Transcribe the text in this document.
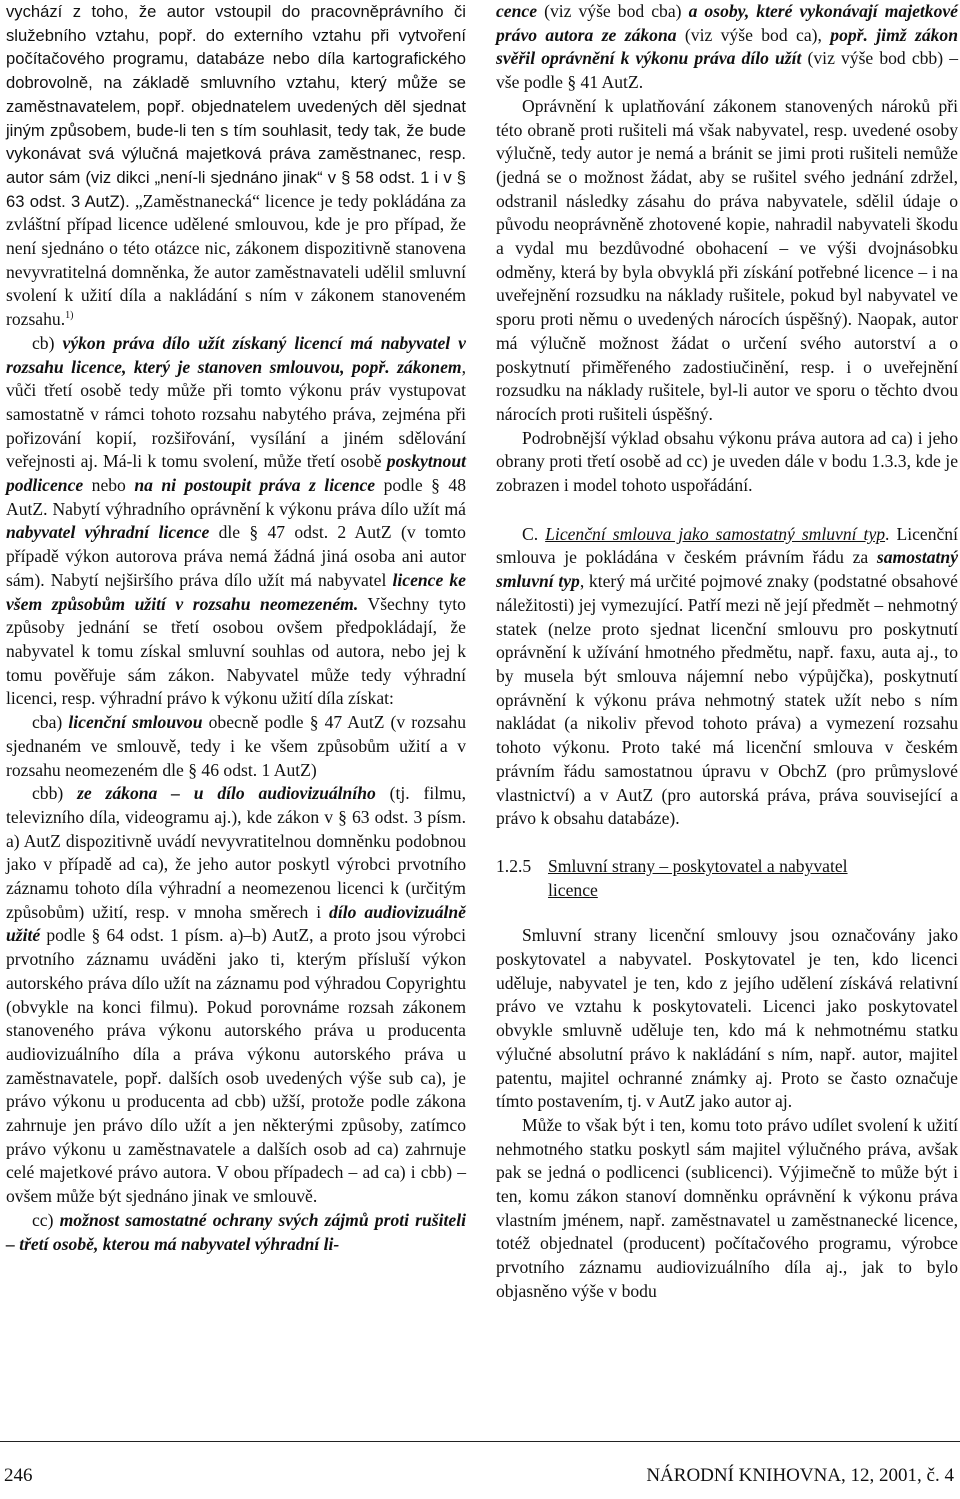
vychází z toho, že autor vstoupil do pracovněprávního či služebního vztahu, popř. do externího vztahu při vytvoření počítačového programu, databáze nebo díla kartografického dobrovolně, na základě smluvního vztahu, který může se zaměstnavatelem, popř. objednatelem uvedených děl sjednat jiným způsobem, bude-li ten s tím souhlasit, tedy tak, že bude vykonávat svá výlučná majetková práva zaměstnanec, resp. autor sám (viz dikci „není-li sjednáno jinak“ v § 58 odst. 1 i v § 63 odst. 3 AutZ). „Zaměstnanecká“ licence je tedy pokládána za zvláštní případ licence udělené smlouvou, kde je pro případ, že není sjednáno o této otázce nic, zákonem dispozitivně stanovena nevyvratitelná domněnka, že autor zaměstnavateli udělil smluvní svolení k užití díla a nakládání s ním v zákonem stanoveném rozsahu.$^{1)}$

cb) výkon práva dílo užít získaný licencí má nabyvatel v rozsahu licence, který je stanoven smlouvou, popř. zákonem, vůči třetí osobě tedy může při tomto výkonu práv vystupovat samostatně v rámci tohoto rozsahu nabytého práva, zejména při pořizování kopií, rozšiřování, vysílání a jiném sdělování veřejnosti aj. Má-li k tomu svolení, může třetí osobě poskytnout podlicence nebo na ni postoupit práva z licence podle § 48 AutZ. Nabytí výhradního oprávnění k výkonu práva dílo užít má nabyvatel výhradní licence dle § 47 odst. 2 AutZ (v tomto případě výkon autorova práva nemá žádná jiná osoba ani autor sám). Nabytí nejširšího práva dílo užít má nabyvatel licence ke všem způsobům užití v rozsahu neomezeném. Všechny tyto způsoby jednání se třetí osobou ovšem předpokládají, že nabyvatel k tomu získal smluvní souhlas od autora, nebo jej k tomu pověřuje sám zákon. Nabyvatel může tedy výhradní licenci, resp. výhradní právo k výkonu užití díla získat:

cba) licenční smlouvou obecně podle § 47 AutZ (v rozsahu sjednaném ve smlouvě, tedy i ke všem způsobům užití a v rozsahu neomezeném dle § 46 odst. 1 AutZ)

cbb) ze zákona – u dílo audiovizuálního (tj. filmu, televizního díla, videogramu aj.), kde zákon v § 63 odst. 3 písm. a) AutZ dispozitivně uvádí nevyvratitelnou domněnku podobnou jako v případě ad ca), že jeho autor poskytl výrobci prvotního záznamu tohoto díla výhradní a neomezenou licenci k (určitým způsobům) užití, resp. v mnoha směrech i dílo audiovizuálně užité podle § 64 odst. 1 písm. a)–b) AutZ, a proto jsou výrobci prvotního záznamu uváděni jako ti, kterým přísluší výkon autorského práva dílo užít na záznamu pod výhradou Copyrightu (obvykle na konci filmu). Pokud porovnáme rozsah zákonem stanoveného práva výkonu autorského práva u producenta audiovizuálního díla a práva výkonu autorského práva u zaměstnavatele, popř. dalších osob uvedených výše sub ca), je právo výkonu u producenta ad cbb) užší, protože podle zákona zahrnuje jen právo dílo užít a jen některými způsoby, zatímco právo výkonu u zaměstnavatele a dalších osob ad ca) zahrnuje celé majetkové právo autora. V obou případech – ad ca) i cbb) – ovšem může být sjednáno jinak ve smlouvě.

cc) možnost samostatné ochrany svých zájmů proti rušiteli – třetí osobě, kterou má nabyvatel výhradní li-

cence (viz výše bod cba) a osoby, které vykonávají majetkové právo autora ze zákona (viz výše bod ca), popř. jimž zákon svěřil oprávnění k výkonu práva dílo užít (viz výše bod cbb) – vše podle § 41 AutZ.

Oprávnění k uplatňování zákonem stanovených nároků při této obraně proti rušiteli má však nabyvatel, resp. uvedené osoby výlučně, tedy autor je nemá a bránit se jimi proti rušiteli nemůže (jedná se o možnost žádat, aby se rušitel svého jednání zdržel, odstranil následky zásahu do práva nabyvatele, sdělil údaje o původu neoprávněně zhotovené kopie, nahradil nabyvateli škodu a vydal mu bezdůvodné obohacení – ve výši dvojnásobku odměny, která by byla obvyklá při získání potřebné licence – i na uveřejnění rozsudku na náklady rušitele, pokud byl nabyvatel ve sporu proti němu o uvedených nárocích úspěšný). Naopak, autor má výlučně možnost žádat o určení svého autorství a o poskytnutí přiměřeného zadostiučinění, resp. i o uveřejnění rozsudku na náklady rušitele, byl-li autor ve sporu o těchto dvou nárocích proti rušiteli úspěšný.

Podrobnější výklad obsahu výkonu práva autora ad ca) i jeho obrany proti třetí osobě ad cc) je uveden dále v bodu 1.3.3, kde je zobrazen i model tohoto uspořádání.

C. Licenční smlouva jako samostatný smluvní typ. Licenční smlouva je pokládána v českém právním řádu za samostatný smluvní typ, který má určité pojmové znaky (podstatné obsahové náležitosti) jej vymezující. Patří mezi ně její předmět – nehmotný statek (nelze proto sjednat licenční smlouvu pro poskytnutí oprávnění k užívání hmotného předmětu, např. faxu, auta aj., to by musela být smlouva nájemní nebo výpůjčka), poskytnutí oprávnění k výkonu práva nehmotný statek užít nebo s ním nakládat (a nikoliv převod tohoto práva) a vymezení rozsahu tohoto výkonu. Proto také má licenční smlouva v českém právním řádu samostatnou úpravu v ObchZ (pro průmyslové vlastnictví) a v AutZ (pro autorská práva, práva související a právo k obsahu databáze).

1.2.5 Smluvní strany – poskytovatel a nabyvatel licence

Smluvní strany licenční smlouvy jsou označovány jako poskytovatel a nabyvatel. Poskytovatel je ten, kdo licenci uděluje, nabyvatel je ten, kdo z jejího udělení získává relativní právo ve vztahu k poskytovateli. Licenci jako poskytovatel obvykle smluvně uděluje ten, kdo má k nehmotnému statku výlučné absolutní právo k nakládání s ním, např. autor, majitel patentu, majitel ochranné známky aj. Proto se často označuje tímto postavením, tj. v AutZ jako autor aj.

Může to však být i ten, komu toto právo udílet svolení k užití nehmotného statku poskytl sám majitel výlučného práva, avšak pak se jedná o podlicenci (sublicenci). Výjimečně to může být i ten, komu zákon stanoví domněnku oprávnění k výkonu práva vlastním jménem, např. zaměstnavatel u zaměstnanecké licence, totéž objednatel (producent) počítačového programu, výrobce prvotního záznamu audiovizuálního díla aj., jak to bylo objasněno výše v bodu

246	NÁRODNÍ KNIHOVNA, 12, 2001, č. 4
